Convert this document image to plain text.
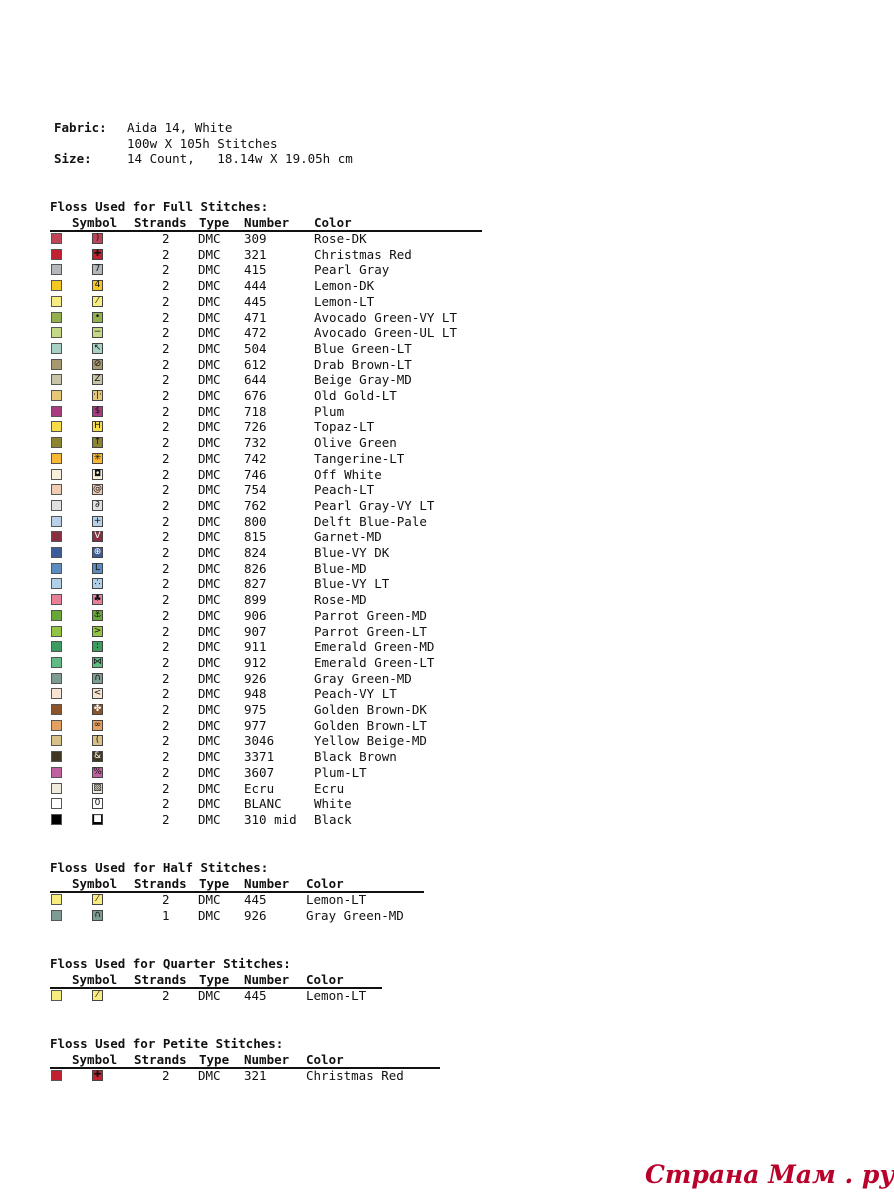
Fabric:	Aida 14, White
100w X 105h Stitches
Size:	14 Count,   18.14w X 19.05h cm
Floss Used for Full Stitches:
Symbol Strands Type Number Color
)	2 DMC 309	Rose-DK
✚	2 DMC 321	Christmas Red
7	2 DMC 415	Pearl Gray
4	2 DMC 444	Lemon-DK
⁄	2 DMC 445	Lemon-LT
•	2 DMC 471	Avocado Green-VY LT
−	2 DMC 472	Avocado Green-UL LT
↖	2 DMC 504	Blue Green-LT
⊘	2 DMC 612	Drab Brown-LT
Z	2 DMC 644	Beige Gray-MD
·|·	2 DMC 676	Old Gold-LT
$	2 DMC 718	Plum
H	2 DMC 726	Topaz-LT
↑	2 DMC 732	Olive Green
✳	2 DMC 742	Tangerine-LT
◘	2 DMC 746	Off White
@	2 DMC 754	Peach-LT
∂	2 DMC 762	Pearl Gray-VY LT
+	2 DMC 800	Delft Blue-Pale
V	2 DMC 815	Garnet-MD
⊕	2 DMC 824	Blue-VY DK
L	2 DMC 826	Blue-MD
∴	2 DMC 827	Blue-VY LT
♣	2 DMC 899	Rose-MD
⚓	2 DMC 906	Parrot Green-MD
>	2 DMC 907	Parrot Green-LT
:	2 DMC 911	Emerald Green-MD
⋈	2 DMC 912	Emerald Green-LT
∩	2 DMC 926	Gray Green-MD
<	2 DMC 948	Peach-VY LT
✤	2 DMC 975	Golden Brown-DK
∞	2 DMC 977	Golden Brown-LT
(	2 DMC 3046	Yellow Beige-MD
&	2 DMC 3371	Black Brown
%	2 DMC 3607	Plum-LT
▧	2 DMC Ecru	Ecru
0	2 DMC BLANC	White
■	2 DMC 310 mid Black
Floss Used for Half Stitches:
Symbol Strands Type Number Color
⁄	2 DMC 445	Lemon-LT
∩	1 DMC 926	Gray Green-MD
Floss Used for Quarter Stitches:
Symbol Strands Type Number Color
⁄	2 DMC 445	Lemon-LT
Floss Used for Petite Stitches:
Symbol Strands Type Number Color
✚	2 DMC 321	Christmas Red
Страна Мам . ру
